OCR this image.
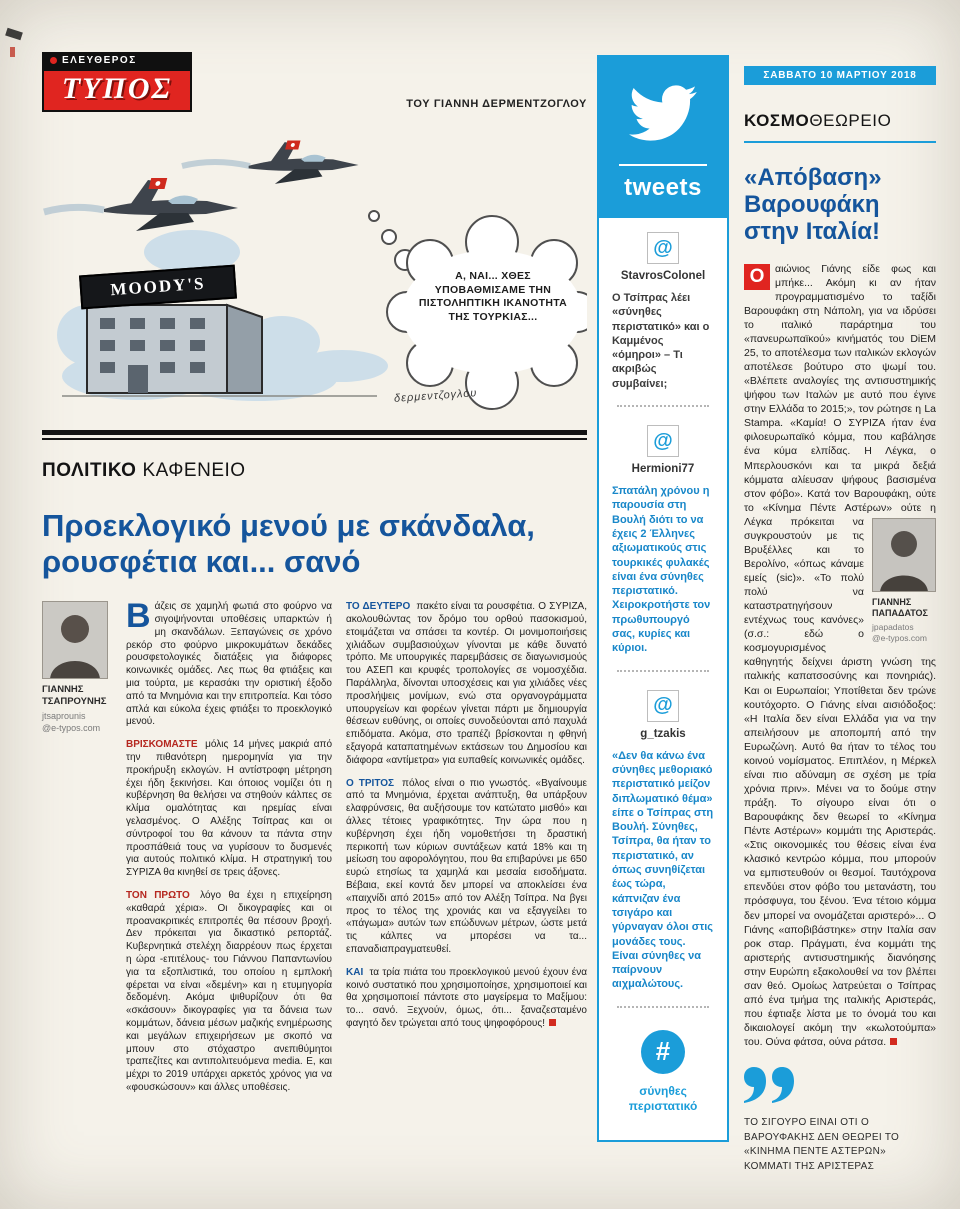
ΕΛΕΥΘΕΡΟΣ
ΤΥΠΟΣ	ΤΟΥ ΓΙΑΝΝΗ ΔΕΡΜΕΝΤΖΟΓΛΟΥ
MOODY'S	Α, ΝΑΙ... ΧΘΕΣ ΥΠΟΒΑΘΜΙΣΑΜΕ ΤΗΝ ΠΙΣΤΟΛΗΠΤΙΚΗ ΙΚΑΝΟΤΗΤΑ ΤΗΣ ΤΟΥΡΚΙΑΣ...
δερμεντζογλου
ΠΟΛΙΤΙΚΟ ΚΑΦΕΝΕΙΟ
Προεκλογικό μενού με σκάνδαλα, ρουσφέτια και... σανό
ΓΙΑΝΝΗΣ ΤΣΑΠΡΟΥΝΗΣ
jtsaprounis
@e-typos.com

Βάζεις σε χαμηλή φωτιά στο φούρνο να σιγοψήνονται υποθέσεις υπαρκτών ή μη σκανδάλων. Ξεπαγώνεις σε χρόνο ρεκόρ στο φούρνο μικροκυμάτων δεκάδες ρουσφετολογικές διατάξεις για διάφορες κοινωνικές ομάδες. Λες πως θα φτιάξεις και μια τούρτα, με κερασάκι την οριστική έξοδο από τα Μνημόνια και την επιτροπεία. Και τόσο απλά και εύκολα έχεις φτιάξει το προεκλογικό μενού.

ΒΡΙΣΚΟΜΑΣΤΕ μόλις 14 μήνες μακριά από την πιθανότερη ημερομηνία για την προκήρυξη εκλογών. Η αντίστροφη μέτρηση έχει ήδη ξεκινήσει. Και όποιος νομίζει ότι η κυβέρνηση θα θελήσει να στηθούν κάλπες σε κλίμα ομαλότητας και ηρεμίας είναι γελασμένος. Ο Αλέξης Τσίπρας και οι σύντροφοί του θα κάνουν τα πάντα στην προσπάθειά τους να γυρίσουν το δυσμενές για αυτούς πολιτικό κλίμα. Η στρατηγική του ΣΥΡΙΖΑ θα κινηθεί σε τρεις άξονες.

ΤΟΝ ΠΡΩΤΟ λόγο θα έχει η επιχείρηση «καθαρά χέρια». Οι δικογραφίες και οι προανακριτικές επιτροπές θα πέσουν βροχή. Δεν πρόκειται για δικαστικό ρεπορτάζ. Κυβερνητικά στελέχη διαρρέουν πως έρχεται η ώρα -επιτέλους- του Γιάννου Παπαντωνίου για τα εξοπλιστικά, του οποίου η εμπλοκή φέρεται να είναι «δεμένη» και η ετυμηγορία δεδομένη. Ακόμα ψιθυρίζουν ότι θα «σκάσουν» δικογραφίες για τα δάνεια των κομμάτων, δάνεια μέσων μαζικής ενημέρωσης και μεγάλων επιχειρήσεων με σκοπό να μπουν στο στόχαστρο ανεπιθύμητοι τραπεζίτες και αντιπολιτευόμενα media. Ε, και μέχρι το 2019 υπάρχει αρκετός χρόνος για να «φουσκώσουν» και άλλες υποθέσεις.

ΤΟ ΔΕΥΤΕΡΟ πακέτο είναι τα ρουσφέτια. Ο ΣΥΡΙΖΑ, ακολουθώντας τον δρόμο του ορθού πασοκισμού, ετοιμάζεται να σπάσει τα κοντέρ. Οι μονιμοποιήσεις χιλιάδων συμβασιούχων γίνονται με κάθε δυνατό τρόπο. Με υπουργικές παρεμβάσεις σε διαγωνισμούς του ΑΣΕΠ και κρυφές τροπολογίες σε νομοσχέδια. Παράλληλα, δίνονται υποσχέσεις και για χιλιάδες νέες προσλήψεις μονίμων, ενώ στα οργανογράμματα υπουργείων και φορέων γίνεται πάρτι με δημιουργία θέσεων ευθύνης, οι οποίες συνοδεύονται από παχυλά επιδόματα. Ακόμα, στο τραπέζι βρίσκονται η φθηνή εξαγορά καταπατημένων εκτάσεων του Δημοσίου και διάφορα «αντίμετρα» για ευπαθείς κοινωνικές ομάδες.

Ο ΤΡΙΤΟΣ πόλος είναι ο πιο γνωστός. «Βγαίνουμε από τα Μνημόνια, έρχεται ανάπτυξη, θα υπάρξουν ελαφρύνσεις, θα αυξήσουμε τον κατώτατο μισθό» και άλλες τέτοιες γραφικότητες. Την ώρα που η κυβέρνηση έχει ήδη νομοθετήσει τη δραστική περικοπή των κύριων συντάξεων κατά 18% και τη μείωση του αφορολόγητου, που θα επιβαρύνει με 650 ευρώ ετησίως τα χαμηλά και μεσαία εισοδήματα. Βέβαια, εκεί κοντά δεν μπορεί να αποκλείσει ένα «παιχνίδι από 2015» από τον Αλέξη Τσίπρα. Να βγει προς το τέλος της χρονιάς και να εξαγγείλει το «πάγωμα» αυτών των επώδυνων μέτρων, ώστε μετά τις κάλπες να μπορέσει να τα... επαναδιαπραγματευθεί.

ΚΑΙ τα τρία πιάτα του προεκλογικού μενού έχουν ένα κοινό συστατικό που χρησιμοποίησε, χρησιμοποιεί και θα χρησιμοποιεί πάντοτε στο μαγείρεμα το Μαξίμου: το... σανό. Ξεχνούν, όμως, ότι... ξαναζεσταμένο φαγητό δεν τρώγεται από τους ψηφοφόρους!

tweets
@
StavrosColonel
Ο Τσίπρας λέει «σύνηθες περιστατικό» και ο Καμμένος «όμηροι» – Τι ακριβώς συμβαίνει;
@
Hermioni77
Σπατάλη χρόνου η παρουσία στη Βουλή διότι το να έχεις 2 Έλληνες αξιωματικούς στις τουρκικές φυλακές είναι ένα σύνηθες περιστατικό. Χειροκροτήστε τον πρωθυπουργό σας, κυρίες και κύριοι.
@
g_tzakis
«Δεν θα κάνω ένα σύνηθες μεθοριακό περιστατικό μείζον διπλωματικό θέμα» είπε ο Τσίπρας στη Βουλή. Σύνηθες, Τσίπρα, θα ήταν το περιστατικό, αν όπως συνηθίζεται έως τώρα, κάπνιζαν ένα τσιγάρο και γύρναγαν όλοι στις μονάδες τους. Είναι σύνηθες να παίρνουν αιχμαλώτους.
#
σύνηθες περιστατικό
ΣΑΒΒΑΤΟ 10 ΜΑΡΤΙΟΥ 2018
ΚΟΣΜΟΘΕΩΡΕΙΟ
«Απόβαση» Βαρουφάκη στην Ιταλία!
Ο	αιώνιος Γιάνης είδε φως και μπήκε... Ακόμη κι αν ήταν προγραμματισμένο το ταξίδι Βαρουφάκη στη Νάπολη, για να ιδρύσει το ιταλικό παράρτημα του «πανευρωπαϊκού» κινήματός του DiEM 25, το αποτέλεσμα των ιταλικών εκλογών αποτέλεσε βούτυρο στο ψωμί του. «Βλέπετε αναλογίες της αντισυστημικής ψήφου των Ιταλών με αυτό που έγινε στην Ελλάδα το 2015;», τον ρώτησε η La Stampa. «Καμία! Ο ΣΥΡΙΖΑ ήταν ένα φιλοευρωπαϊκό κόμμα, που καβάλησε ένα κύμα ελπίδας. Η Λέγκα, ο Μπερλουσκόνι και τα μικρά δεξιά κόμματα αλίευσαν ψήφους βασισμένα στον φόβο». Κατά τον Βαρουφάκη, ούτε το «Κίνημα Πέντε Αστέρων» ούτε η Λέγκα πρόκειται
ΓΙΑΝΝΗΣ ΠΑΠΑΔΑΤΟΣ
jpapadatos
@e-typos.com
να συγκρουστούν με τις Βρυξέλλες και το Βερολίνο, «όπως κάναμε εμείς (sic)». «Το πολύ πολύ να καταστρατηγήσουν εντέχνως τους κανόνες» (σ.σ.: εδώ ο κοσμογυρισμένος καθηγητής δείχνει άριστη γνώση της ιταλικής καπατσοσύνης και πονηριάς). Και οι Ευρωπαίοι; Υποτίθεται δεν τρώνε κουτόχορτο. Ο Γιάνης είναι αισιόδοξος: «Η Ιταλία δεν είναι Ελλάδα για να την απειλήσουν με αποπομπή από την Ευρωζώνη. Αυτό θα ήταν το τέλος του κοινού νομίσματος. Επιπλέον, η Μέρκελ είναι πιο αδύναμη σε σχέση με τρία χρόνια πριν». Μένει να το δούμε στην πράξη. Το σίγουρο είναι ότι ο Βαρουφάκης δεν θεωρεί το «Κίνημα Πέντε Αστέρων» κομμάτι της Αριστεράς. «Στις οικονομικές του θέσεις είναι ένα κλασικό κεντρώο κόμμα, που μπορούν να εμπιστευθούν οι θεσμοί. Ταυτόχρονα επενδύει στον φόβο του μετανάστη, του πρόσφυγα, του ξένου. Ένα τέτοιο κόμμα δεν μπορεί να ονομάζεται αριστερό»... Ο Γιάνης «αποβιβάστηκε» στην Ιταλία σαν ροκ σταρ. Πράγματι, ένα κομμάτι της αριστερής αντισυστημικής διανόησης στην Ευρώπη εξακολουθεί να τον βλέπει σαν θεό. Ομοίως λατρεύεται ο Τσίπρας από ένα τμήμα της ιταλικής Αριστεράς, που έφτιαξε λίστα με το όνομά του και δικαιολογεί ακόμη την «κωλοτούμπα» του. Ούνα φάτσα, ούνα ράτσα.
ΤΟ ΣΙΓΟΥΡΟ ΕΙΝΑΙ ΟΤΙ Ο ΒΑΡΟΥΦΑΚΗΣ ΔΕΝ ΘΕΩΡΕΙ ΤΟ «ΚΙΝΗΜΑ ΠΕΝΤΕ ΑΣΤΕΡΩΝ» ΚΟΜΜΑΤΙ ΤΗΣ ΑΡΙΣΤΕΡΑΣ
